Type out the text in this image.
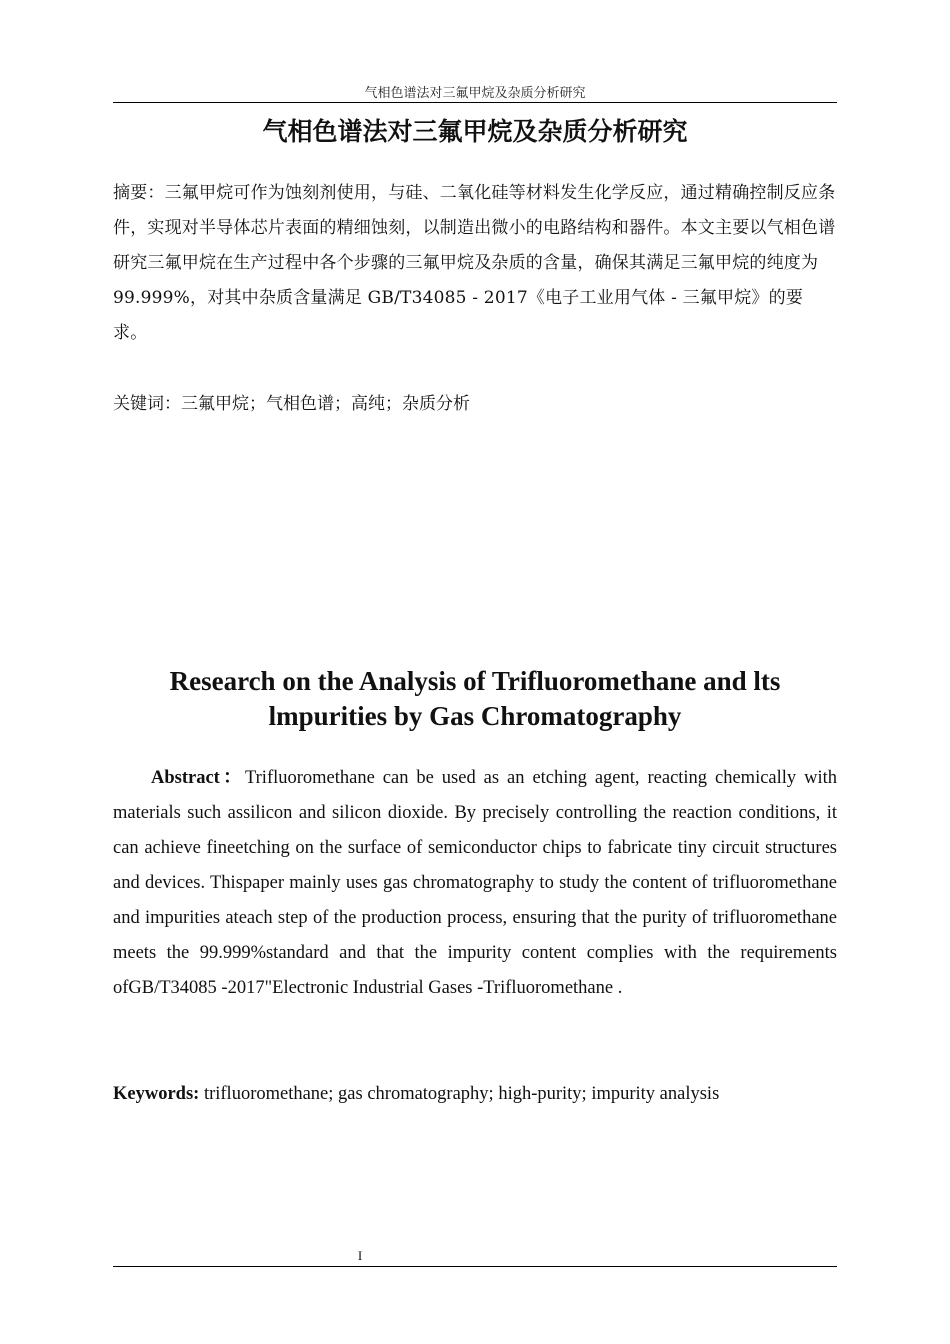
气相色谱法对三氟甲烷及杂质分析研究
气相色谱法对三氟甲烷及杂质分析研究
摘要：三氟甲烷可作为蚀刻剂使用，与硅、二氧化硅等材料发生化学反应，通过精确控制反应条件，实现对半导体芯片表面的精细蚀刻，以制造出微小的电路结构和器件。本文主要以气相色谱研究三氟甲烷在生产过程中各个步骤的三氟甲烷及杂质的含量，确保其满足三氟甲烷的纯度为99.999%，对其中杂质含量满足 GB/T34085 - 2017《电子工业用气体 - 三氟甲烷》的要求。
关键词：三氟甲烷；气相色谱；高纯；杂质分析
Research on the Analysis of Trifluoromethane and lts lmpurities by Gas Chromatography
Abstract：Trifluoromethane can be used as an etching agent, reacting chemically with materials such assilicon and silicon dioxide. By precisely controlling the reaction conditions, it can achieve fineetching on the surface of semiconductor chips to fabricate tiny circuit structures and devices. Thispaper mainly uses gas chromatography to study the content of trifluoromethane and impurities ateach step of the production process, ensuring that the purity of trifluoromethane meets the 99.999%standard and that the impurity content complies with the requirements ofGB/T34085 -2017"Electronic Industrial Gases -Trifluoromethane .
Keywords: trifluoromethane; gas chromatography; high-purity; impurity analysis
I
